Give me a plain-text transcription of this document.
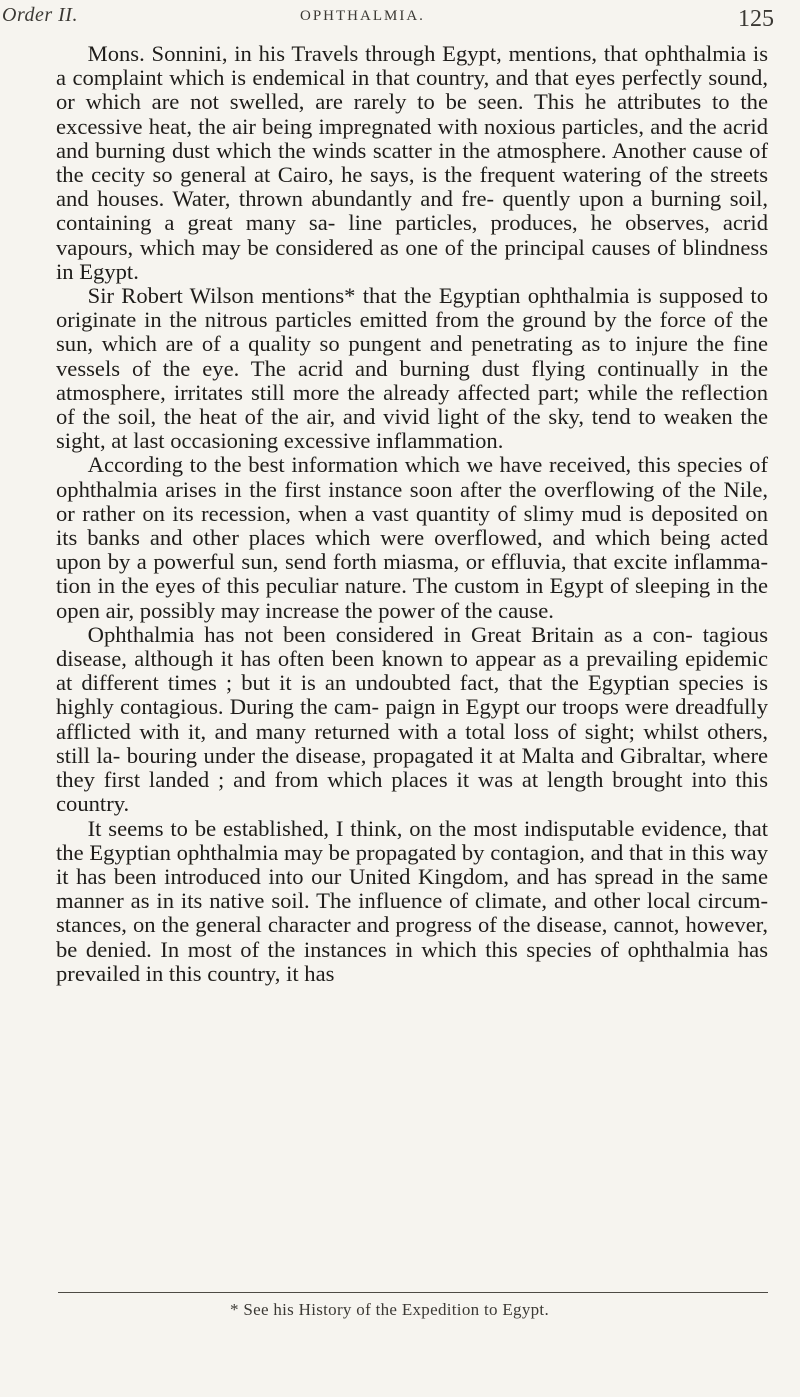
Order II.	OPHTHALMIA.	125

Mons. Sonnini, in his Travels through Egypt, mentions, that ophthalmia is a complaint which is endemical in that country, and that eyes perfectly sound, or which are not swelled, are rarely to be seen. This he attributes to the excessive heat, the air being impregnated with noxious particles, and the acrid and burning dust which the winds scatter in the atmosphere. Another cause of the cecity so general at Cairo, he says, is the frequent watering of the streets and houses. Water, thrown abundantly and fre- quently upon a burning soil, containing a great many sa- line particles, produces, he observes, acrid vapours, which may be considered as one of the principal causes of blindness in Egypt.

Sir Robert Wilson mentions* that the Egyptian ophthalmia is supposed to originate in the nitrous particles emitted from the ground by the force of the sun, which are of a quality so pungent and penetrating as to injure the fine vessels of the eye. The acrid and burning dust flying continually in the atmosphere, irritates still more the already affected part; while the reflection of the soil, the heat of the air, and vivid light of the sky, tend to weaken the sight, at last occasioning excessive inflammation.

According to the best information which we have received, this species of ophthalmia arises in the first instance soon after the overflowing of the Nile, or rather on its recession, when a vast quantity of slimy mud is deposited on its banks and other places which were overflowed, and which being acted upon by a powerful sun, send forth miasma, or effluvia, that excite inflamma- tion in the eyes of this peculiar nature. The custom in Egypt of sleeping in the open air, possibly may increase the power of the cause.

Ophthalmia has not been considered in Great Britain as a con- tagious disease, although it has often been known to appear as a prevailing epidemic at different times ; but it is an undoubted fact, that the Egyptian species is highly contagious. During the cam- paign in Egypt our troops were dreadfully afflicted with it, and many returned with a total loss of sight; whilst others, still la- bouring under the disease, propagated it at Malta and Gibraltar, where they first landed ; and from which places it was at length brought into this country.

It seems to be established, I think, on the most indisputable evidence, that the Egyptian ophthalmia may be propagated by contagion, and that in this way it has been introduced into our United Kingdom, and has spread in the same manner as in its native soil. The influence of climate, and other local circum- stances, on the general character and progress of the disease, cannot, however, be denied. In most of the instances in which this species of ophthalmia has prevailed in this country, it has

* See his History of the Expedition to Egypt.
